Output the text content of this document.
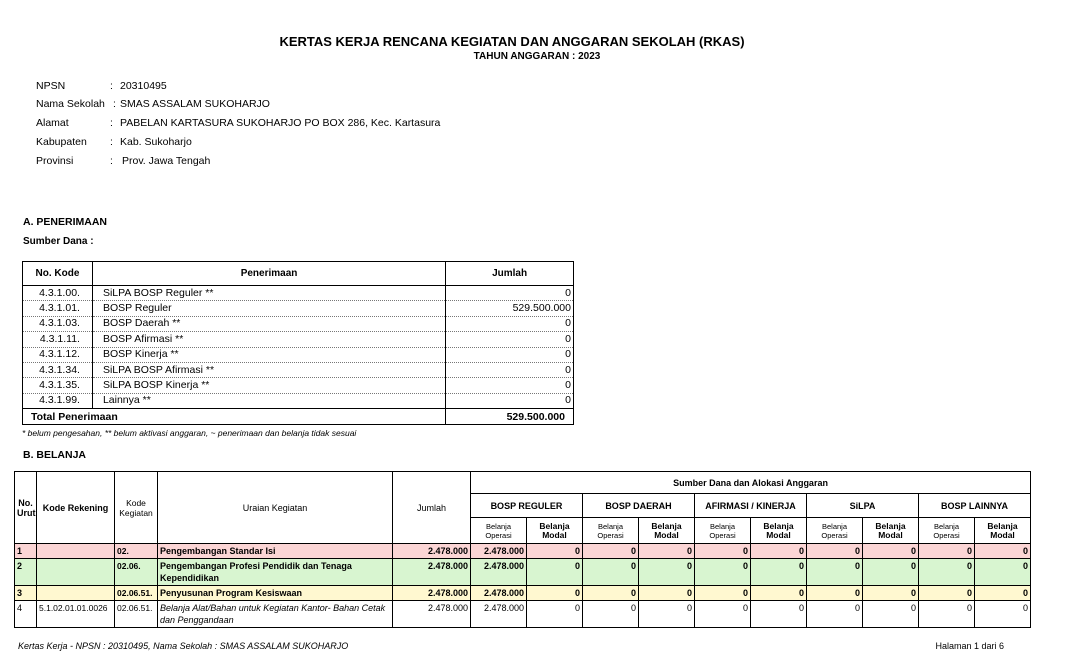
KERTAS KERJA RENCANA KEGIATAN DAN ANGGARAN SEKOLAH (RKAS)
TAHUN ANGGARAN : 2023
NPSN	: 20310495
Nama Sekolah : SMAS ASSALAM SUKOHARJO
Alamat	: PABELAN KARTASURA SUKOHARJO PO BOX 286, Kec. Kartasura
Kabupaten : Kab. Sukoharjo
Provinsi	: Prov. Jawa Tengah
A. PENERIMAAN
Sumber Dana :
No. Kode	Penerimaan	Jumlah
4.3.1.00.	SiLPA BOSP Reguler **	0
4.3.1.01.	BOSP Reguler	529.500.000
4.3.1.03.	BOSP Daerah **	0
4.3.1.11.	BOSP Afirmasi **	0
4.3.1.12.	BOSP Kinerja **	0
4.3.1.34.	SiLPA BOSP Afirmasi **	0
4.3.1.35.	SiLPA BOSP Kinerja **	0
4.3.1.99.	Lainnya **	0
Total Penerimaan		529.500.000
* belum pengesahan, ** belum aktivasi anggaran, ~ penerimaan dan belanja tidak sesuai
B. BELANJA
No. Urut	Kode Rekening	Kode Kegiatan	Uraian Kegiatan	Jumlah	Sumber Dana dan Alokasi Anggaran									
					BOSP REGULER		BOSP DAERAH		AFIRMASI / KINERJA		SiLPA		BOSP LAINNYA	
					Belanja Operasi	Belanja Modal	Belanja Operasi	Belanja Modal	Belanja Operasi	Belanja Modal	Belanja Operasi	Belanja Modal	Belanja Operasi	Belanja Modal
1		02.	Pengembangan Standar Isi	2.478.000	2.478.000	0	0	0	0	0	0	0	0	0
2		02.06.	Pengembangan Profesi Pendidik dan Tenaga Kependidikan	2.478.000	2.478.000	0	0	0	0	0	0	0	0	0
3		02.06.51.	Penyusunan Program Kesiswaan	2.478.000	2.478.000	0	0	0	0	0	0	0	0	0
4	5.1.02.01.01.0026	02.06.51.	Belanja Alat/Bahan untuk Kegiatan Kantor- Bahan Cetak dan Penggandaan	2.478.000	2.478.000	0	0	0	0	0	0	0	0	0
Kertas Kerja - NPSN : 20310495, Nama Sekolah : SMAS ASSALAM SUKOHARJO	Halaman 1 dari 6
